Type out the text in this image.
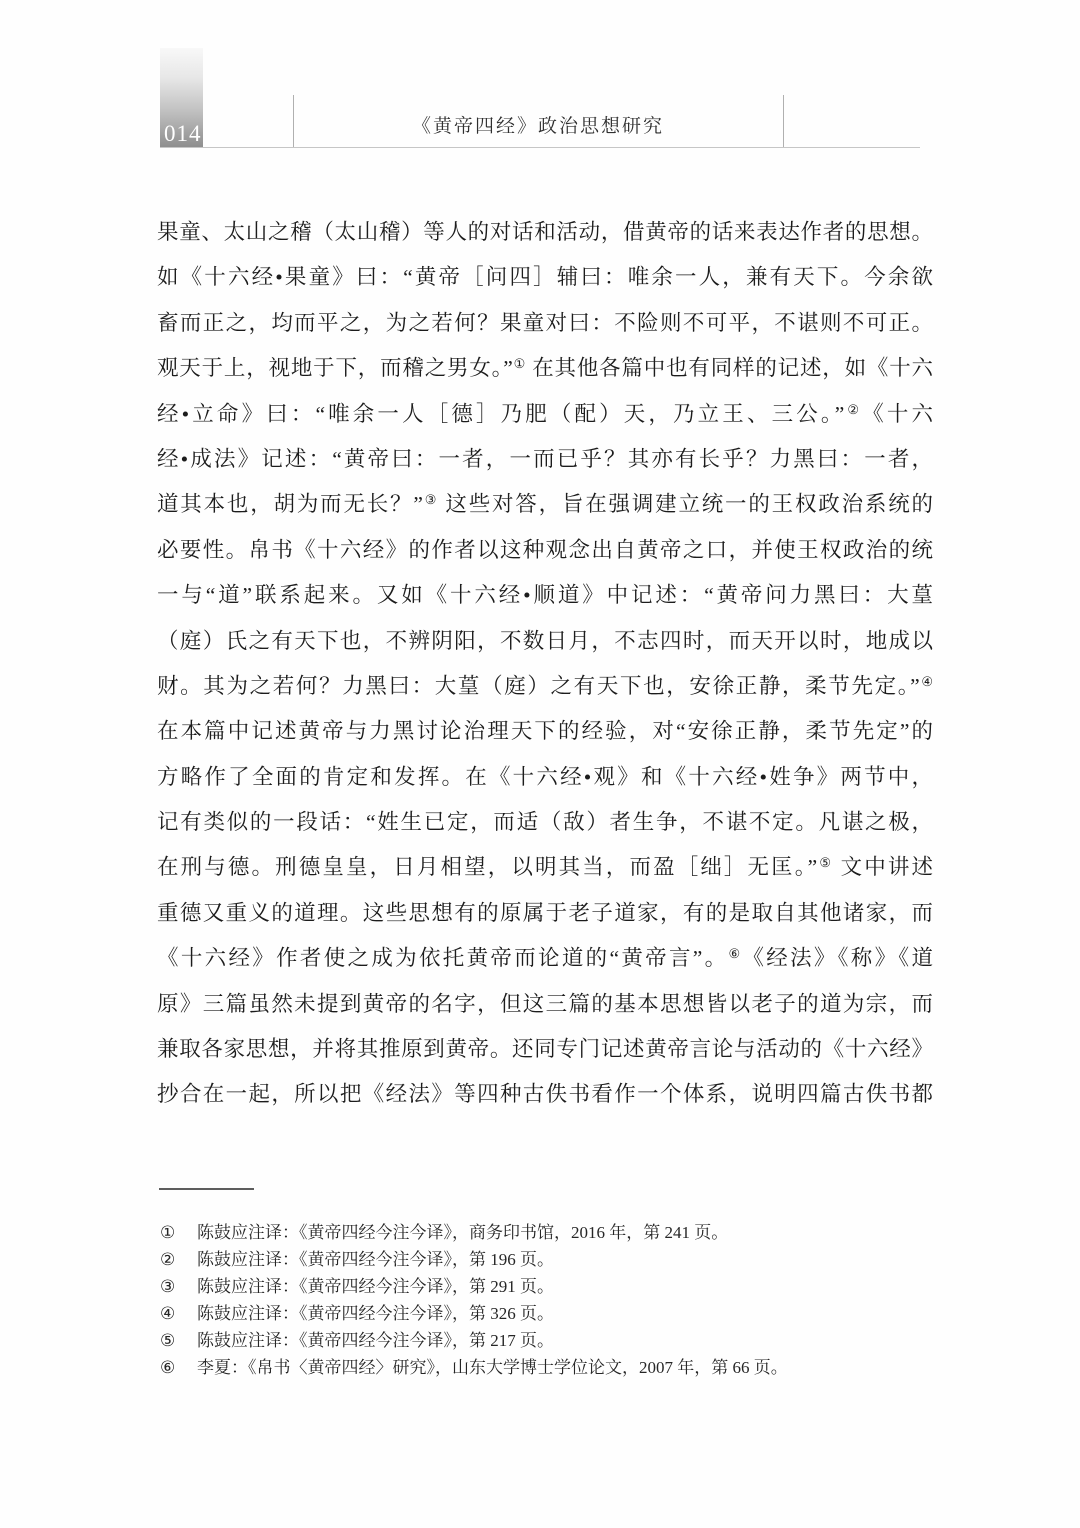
014	《黄帝四经》政治思想研究
果童、太山之稽（太山稽）等人的对话和活动，借黄帝的话来表达作者的思想。
如《十六经•果童》曰：“黄帝［问四］辅曰：唯余一人，兼有天下。今余欲
畜而正之，均而平之，为之若何？果童对曰：不险则不可平，不谌则不可正。
观天于上，视地于下，而稽之男女。”① 在其他各篇中也有同样的记述，如《十六
经•立命》曰：“唯余一人［德］乃肥（配）天，乃立王、三公。”②《十六
经•成法》记述：“黄帝曰：一者，一而已乎？其亦有长乎？力黑曰：一者，
道其本也，胡为而无长？”③ 这些对答，旨在强调建立统一的王权政治系统的
必要性。帛书《十六经》的作者以这种观念出自黄帝之口，并使王权政治的统
一与“道”联系起来。又如《十六经•顺道》中记述：“黄帝问力黑曰：大葟
（庭）氏之有天下也，不辨阴阳，不数日月，不志四时，而天开以时，地成以
财。其为之若何？力黑曰：大葟（庭）之有天下也，安徐正静，柔节先定。”④
在本篇中记述黄帝与力黑讨论治理天下的经验，对“安徐正静，柔节先定”的
方略作了全面的肯定和发挥。在《十六经•观》和《十六经•姓争》两节中，
记有类似的一段话：“姓生已定，而适（敌）者生争，不谌不定。凡谌之极，
在刑与德。刑德皇皇，日月相望，以明其当，而盈［绌］无匡。”⑤ 文中讲述
重德又重义的道理。这些思想有的原属于老子道家，有的是取自其他诸家，而
《十六经》作者使之成为依托黄帝而论道的“黄帝言”。⑥《经法》《称》《道
原》三篇虽然未提到黄帝的名字，但这三篇的基本思想皆以老子的道为宗，而
兼取各家思想，并将其推原到黄帝。还同专门记述黄帝言论与活动的《十六经》
抄合在一起，所以把《经法》等四种古佚书看作一个体系，说明四篇古佚书都
①	陈鼓应注译：《黄帝四经今注今译》，商务印书馆，2016 年，第 241 页。
②	陈鼓应注译：《黄帝四经今注今译》，第 196 页。
③	陈鼓应注译：《黄帝四经今注今译》，第 291 页。
④	陈鼓应注译：《黄帝四经今注今译》，第 326 页。
⑤	陈鼓应注译：《黄帝四经今注今译》，第 217 页。
⑥	李夏：《帛书〈黄帝四经〉研究》，山东大学博士学位论文，2007 年，第 66 页。
